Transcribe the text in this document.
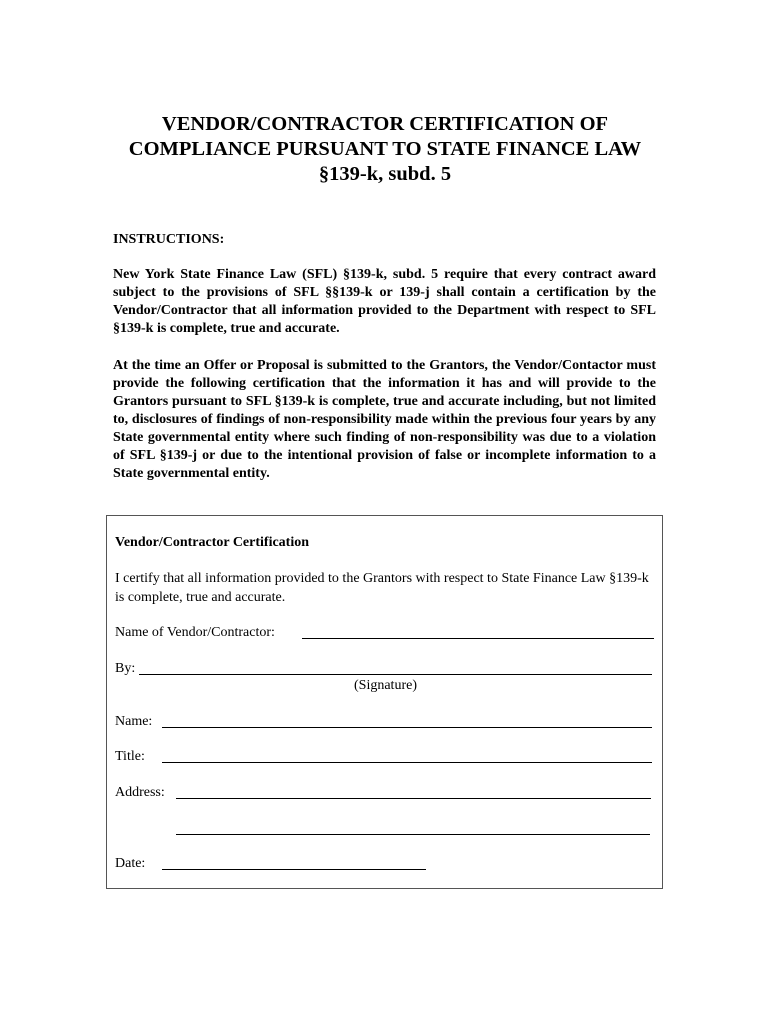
VENDOR/CONTRACTOR CERTIFICATION OF
COMPLIANCE PURSUANT TO STATE FINANCE LAW
§139-k, subd. 5
INSTRUCTIONS:

New York State Finance Law (SFL) §139-k, subd. 5 require that every contract award subject to the provisions of SFL §§139-k or 139-j shall contain a certification by the Vendor/Contractor that all information provided to the Department with respect to SFL §139-k is complete, true and accurate.

At the time an Offer or Proposal is submitted to the Grantors, the Vendor/Contactor must provide the following certification that the information it has and will provide to the Grantors pursuant to SFL §139-k is complete, true and accurate including, but not limited to, disclosures of findings of non-responsibility made within the previous four years by any State governmental entity where such finding of non-responsibility was due to a violation of SFL §139-j or due to the intentional provision of false or incomplete information to a State governmental entity.

Vendor/Contractor Certification

I certify that all information provided to the Grantors with respect to State Finance Law §139-k is complete, true and accurate.

Name of Vendor/Contractor:
By:
(Signature)
Name:
Title:
Address:
Date:
